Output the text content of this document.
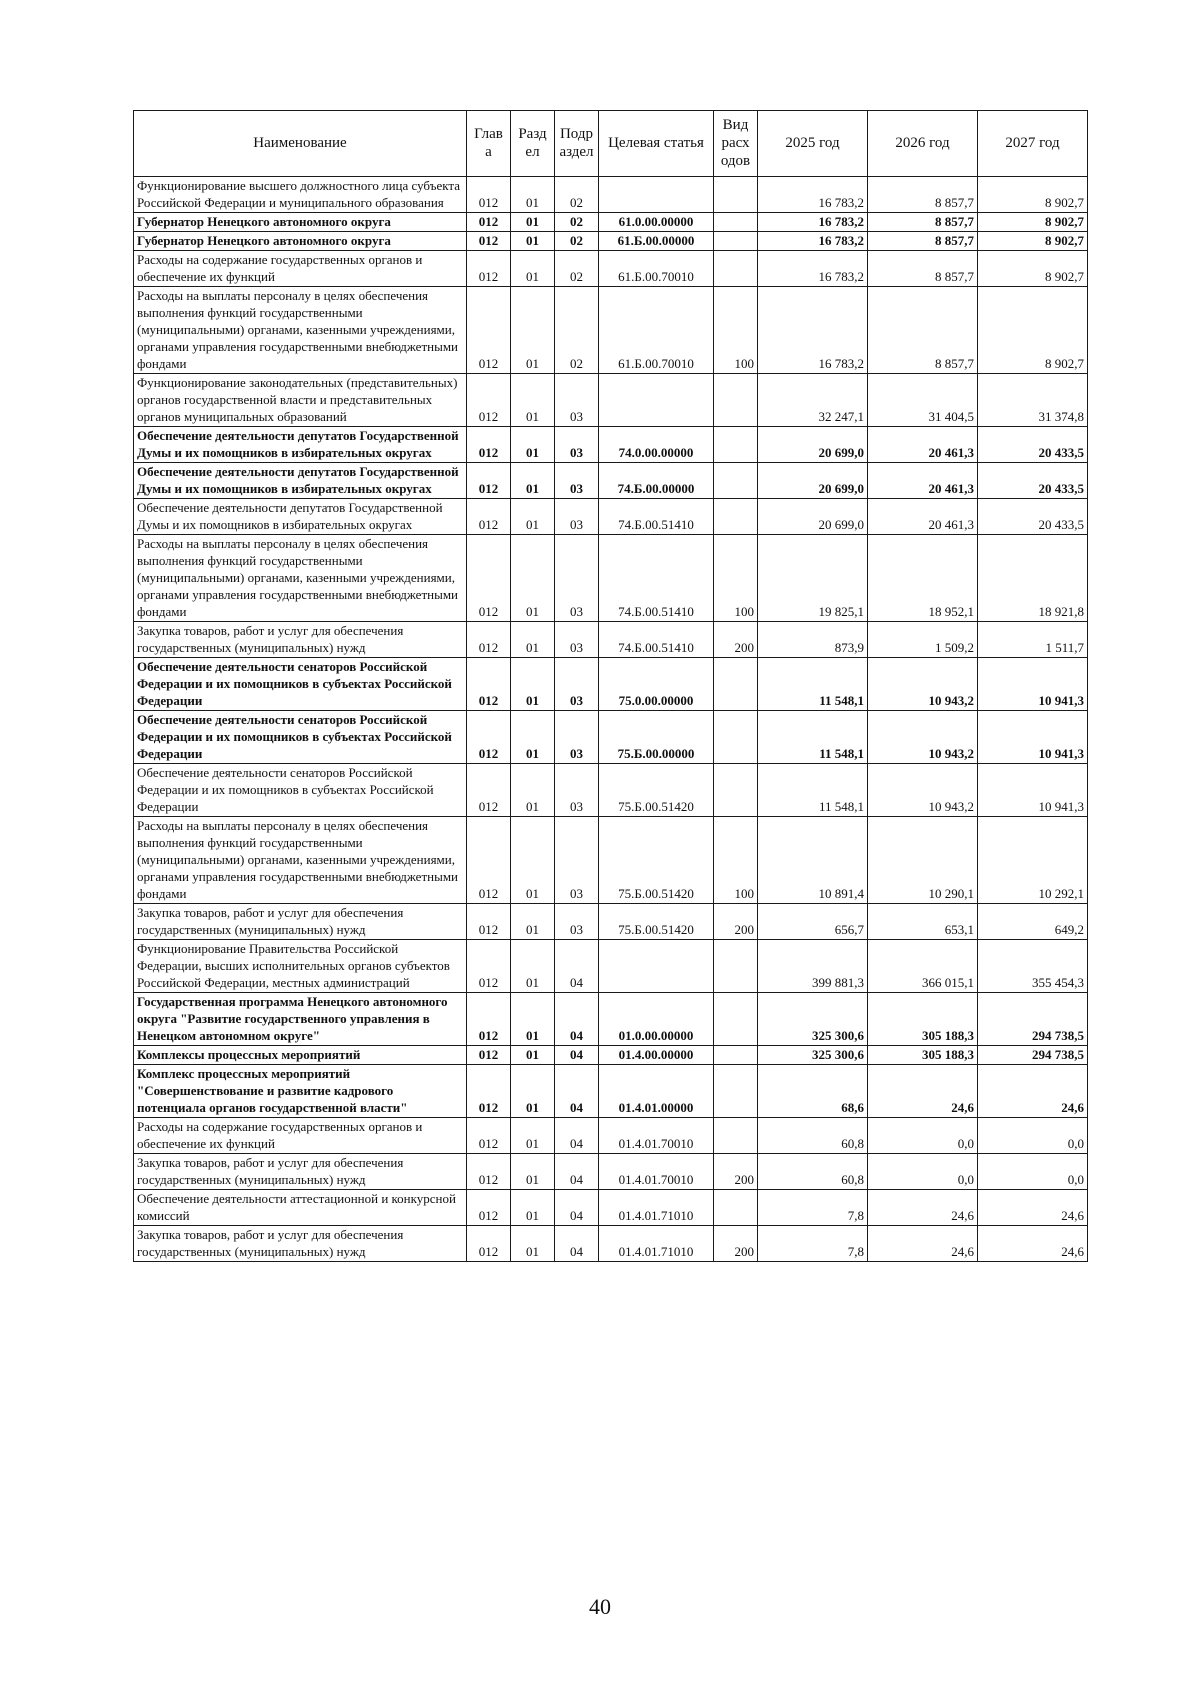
Наименование	Глав а	Разд ел	Подр аздел	Целевая статья	Вид расх одов	2025 год	2026 год	2027 год
Функционирование высшего должностного лица субъекта Российской Федерации и муниципального образования	012	01	02			16 783,2	8 857,7	8 902,7
Губернатор Ненецкого автономного округа	012	01	02	61.0.00.00000		16 783,2	8 857,7	8 902,7
Губернатор Ненецкого автономного округа	012	01	02	61.Б.00.00000		16 783,2	8 857,7	8 902,7
Расходы на содержание государственных органов и обеспечение их функций	012	01	02	61.Б.00.70010		16 783,2	8 857,7	8 902,7
Расходы на выплаты персоналу в целях обеспечения выполнения функций государственными (муниципальными) органами, казенными учреждениями, органами управления государственными внебюджетными фондами	012	01	02	61.Б.00.70010	100	16 783,2	8 857,7	8 902,7
Функционирование законодательных (представительных) органов государственной власти и представительных органов муниципальных образований	012	01	03			32 247,1	31 404,5	31 374,8
Обеспечение деятельности депутатов Государственной Думы и их помощников в избирательных округах	012	01	03	74.0.00.00000		20 699,0	20 461,3	20 433,5
Обеспечение деятельности депутатов Государственной Думы и их помощников в избирательных округах	012	01	03	74.Б.00.00000		20 699,0	20 461,3	20 433,5
Обеспечение деятельности депутатов Государственной Думы и их помощников в избирательных округах	012	01	03	74.Б.00.51410		20 699,0	20 461,3	20 433,5
Расходы на выплаты персоналу в целях обеспечения выполнения функций государственными (муниципальными) органами, казенными учреждениями, органами управления государственными внебюджетными фондами	012	01	03	74.Б.00.51410	100	19 825,1	18 952,1	18 921,8
Закупка товаров, работ и услуг для обеспечения государственных (муниципальных) нужд	012	01	03	74.Б.00.51410	200	873,9	1 509,2	1 511,7
Обеспечение деятельности сенаторов Российской Федерации и их помощников в субъектах Российской Федерации	012	01	03	75.0.00.00000		11 548,1	10 943,2	10 941,3
Обеспечение деятельности сенаторов Российской Федерации и их помощников в субъектах Российской Федерации	012	01	03	75.Б.00.00000		11 548,1	10 943,2	10 941,3
Обеспечение деятельности сенаторов Российской Федерации и их помощников в субъектах Российской Федерации	012	01	03	75.Б.00.51420		11 548,1	10 943,2	10 941,3
Расходы на выплаты персоналу в целях обеспечения выполнения функций государственными (муниципальными) органами, казенными учреждениями, органами управления государственными внебюджетными фондами	012	01	03	75.Б.00.51420	100	10 891,4	10 290,1	10 292,1
Закупка товаров, работ и услуг для обеспечения государственных (муниципальных) нужд	012	01	03	75.Б.00.51420	200	656,7	653,1	649,2
Функционирование Правительства Российской Федерации, высших исполнительных органов субъектов Российской Федерации, местных администраций	012	01	04			399 881,3	366 015,1	355 454,3
Государственная программа Ненецкого автономного округа "Развитие государственного управления в Ненецком автономном округе"	012	01	04	01.0.00.00000		325 300,6	305 188,3	294 738,5
Комплексы процессных мероприятий	012	01	04	01.4.00.00000		325 300,6	305 188,3	294 738,5
Комплекс процессных мероприятий "Совершенствование и развитие кадрового потенциала органов государственной власти"	012	01	04	01.4.01.00000		68,6	24,6	24,6
Расходы на содержание государственных органов и обеспечение их функций	012	01	04	01.4.01.70010		60,8	0,0	0,0
Закупка товаров, работ и услуг для обеспечения государственных (муниципальных) нужд	012	01	04	01.4.01.70010	200	60,8	0,0	0,0
Обеспечение деятельности аттестационной и конкурсной комиссий	012	01	04	01.4.01.71010		7,8	24,6	24,6
Закупка товаров, работ и услуг для обеспечения государственных (муниципальных) нужд	012	01	04	01.4.01.71010	200	7,8	24,6	24,6
40
